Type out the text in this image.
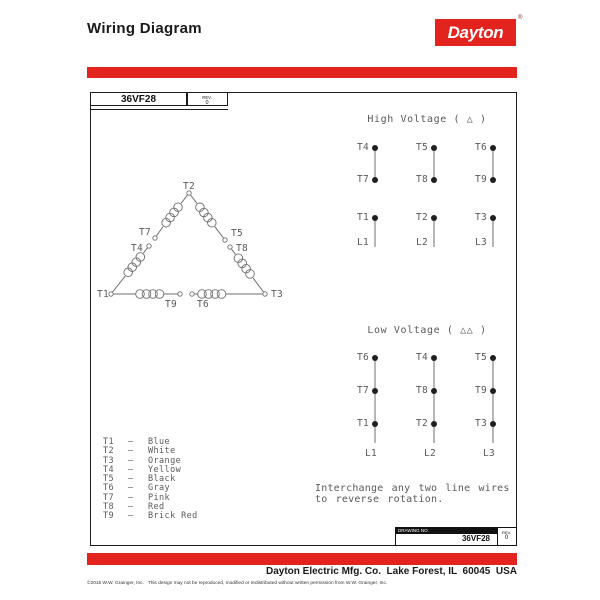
Wiring Diagram	Dayton
®
36VF28	REV.
0
T2
T1	T3
T7
T4
T5
T8
T9 T6
High Voltage ( △ )
T4
T7
T1
L1
T5
T8
T2
L2
T6
T9
T3
L3
Low Voltage ( △△ )
T6
T7
T1
L1
T4
T8
T2
L2
T5
T9
T3
L3
T1 – Blue
T2 – White
T3 – Orange
T4 – Yellow
T5 – Black
T6 – Gray
T7 – Pink
T8 – Red
T9 – Brick Red
Interchange any two line wires
to reverse rotation.
DRAWING NO.
36VF28
REV.
0
Dayton Electric Mfg. Co.  Lake Forest, IL  60045  USA
©2015 W.W. Grainger, Inc.   This design may not be reproduced, modified or redistributed without written permission from W.W. Grainger, Inc.
